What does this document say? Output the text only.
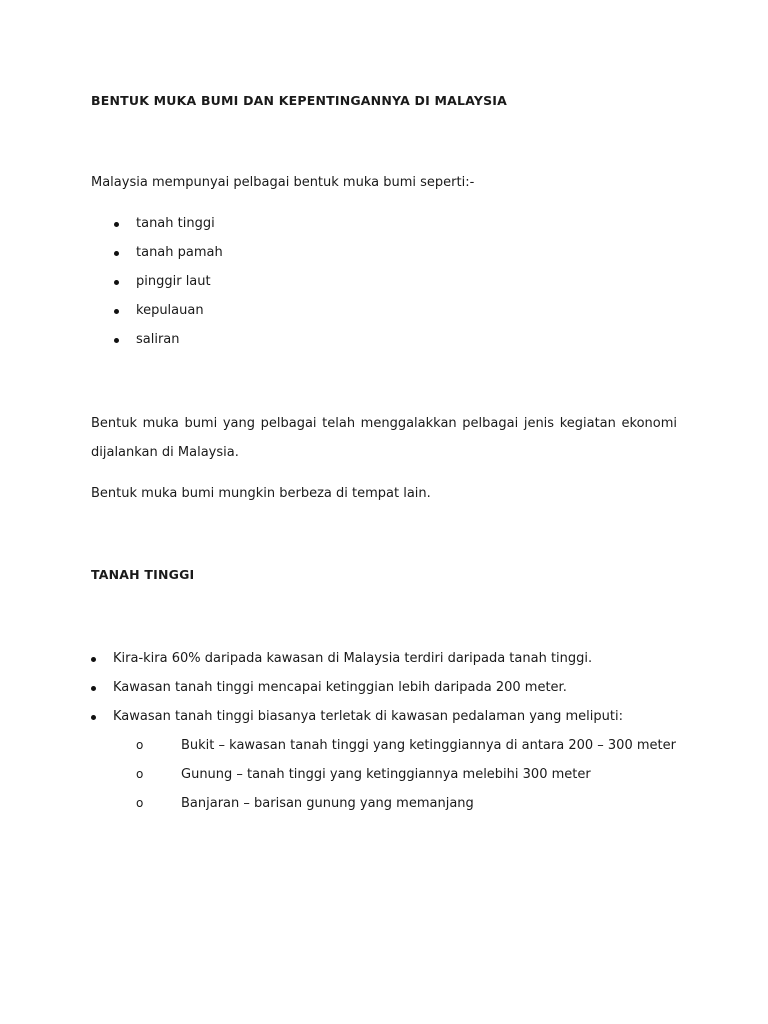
BENTUK MUKA BUMI DAN KEPENTINGANNYA DI MALAYSIA
Malaysia mempunyai pelbagai bentuk muka bumi seperti:-
tanah tinggi
tanah pamah
pinggir laut
kepulauan
saliran
Bentuk muka bumi yang pelbagai telah menggalakkan pelbagai jenis kegiatan ekonomi dijalankan di Malaysia.
Bentuk muka bumi mungkin berbeza di tempat lain.
TANAH TINGGI
Kira-kira 60% daripada kawasan di Malaysia terdiri daripada tanah tinggi.
Kawasan tanah tinggi mencapai ketinggian lebih daripada 200 meter.
Kawasan tanah tinggi biasanya terletak di kawasan pedalaman yang meliputi:
o	Bukit – kawasan tanah tinggi yang ketinggiannya di antara 200 – 300 meter
o	Gunung – tanah tinggi yang ketinggiannya melebihi 300 meter
o	Banjaran – barisan gunung yang memanjang
